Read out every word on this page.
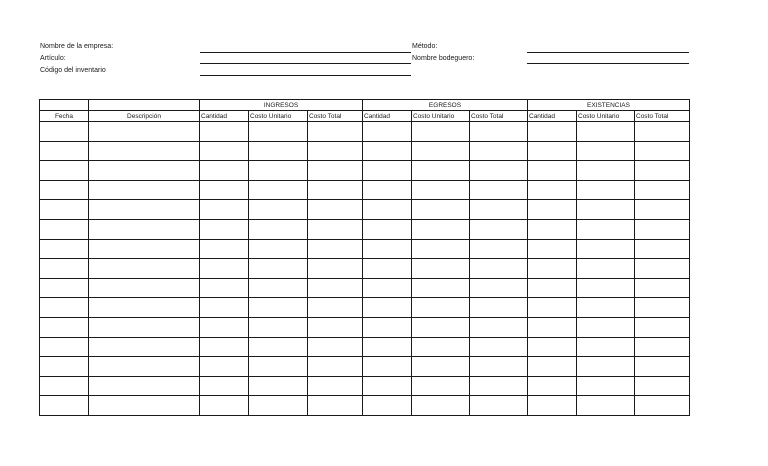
Nombre de la empresa:
Artículo:
Código del inventario
Método:
Nombre bodeguero:
		INGRESOS			EGRESOS			EXISTENCIAS		
Fecha	Descripción	Cantidad	Costo Unitario	Costo Total	Cantidad	Costo Unitario	Costo Total	Cantidad	Costo Unitario	Costo Total
